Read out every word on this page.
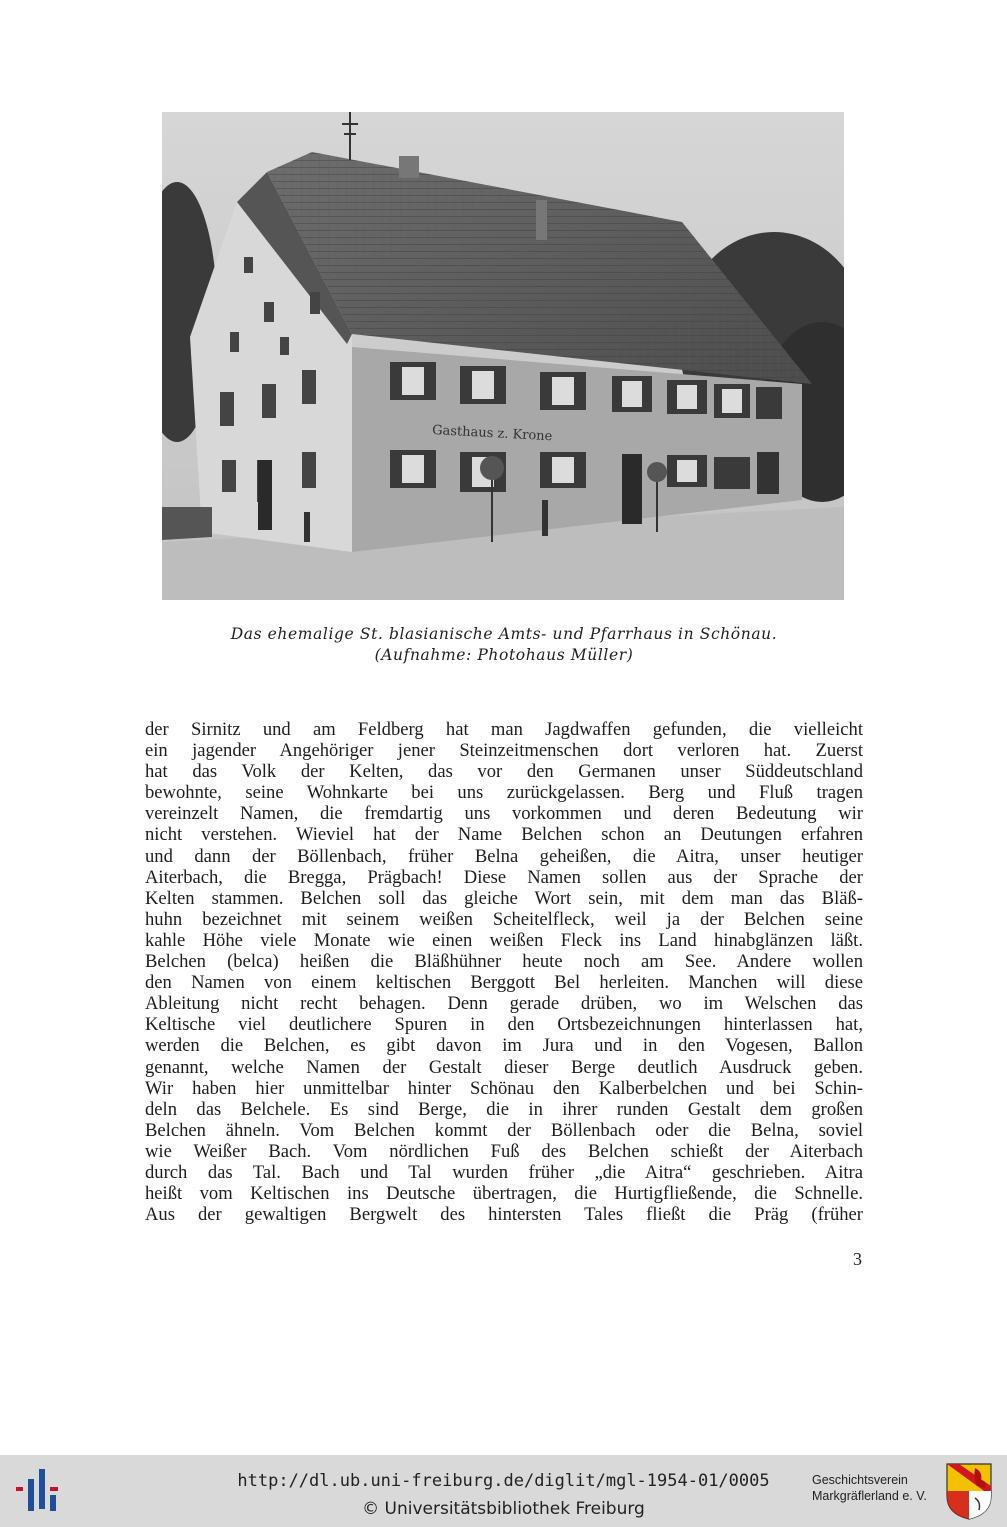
Gasthaus z. Krone
Das ehemalige St. blasianische Amts- und Pfarrhaus in Schönau.
(Aufnahme: Photohaus Müller)
der Sirnitz und am Feldberg hat man Jagdwaffen gefunden, die vielleicht
ein jagender Angehöriger jener Steinzeitmenschen dort verloren hat. Zuerst
hat das Volk der Kelten, das vor den Germanen unser Süddeutschland
bewohnte, seine Wohnkarte bei uns zurückgelassen. Berg und Fluß tragen
vereinzelt Namen, die fremdartig uns vorkommen und deren Bedeutung wir
nicht verstehen. Wieviel hat der Name Belchen schon an Deutungen erfahren
und dann der Böllenbach, früher Belna geheißen, die Aitra, unser heutiger
Aiterbach, die Bregga, Prägbach! Diese Namen sollen aus der Sprache der
Kelten stammen. Belchen soll das gleiche Wort sein, mit dem man das Bläß-
huhn bezeichnet mit seinem weißen Scheitelfleck, weil ja der Belchen seine
kahle Höhe viele Monate wie einen weißen Fleck ins Land hinabglänzen läßt.
Belchen (belca) heißen die Bläßhühner heute noch am See. Andere wollen
den Namen von einem keltischen Berggott Bel herleiten. Manchen will diese
Ableitung nicht recht behagen. Denn gerade drüben, wo im Welschen das
Keltische viel deutlichere Spuren in den Ortsbezeichnungen hinterlassen hat,
werden die Belchen, es gibt davon im Jura und in den Vogesen, Ballon
genannt, welche Namen der Gestalt dieser Berge deutlich Ausdruck geben.
Wir haben hier unmittelbar hinter Schönau den Kalberbelchen und bei Schin-
deln das Belchele. Es sind Berge, die in ihrer runden Gestalt dem großen
Belchen ähneln. Vom Belchen kommt der Böllenbach oder die Belna, soviel
wie Weißer Bach. Vom nördlichen Fuß des Belchen schießt der Aiterbach
durch das Tal. Bach und Tal wurden früher „die Aitra“ geschrieben. Aitra
heißt vom Keltischen ins Deutsche übertragen, die Hurtigfließende, die Schnelle.
Aus der gewaltigen Bergwelt des hintersten Tales fließt die Präg (früher
3
http://dl.ub.uni-freiburg.de/diglit/mgl-1954-01/0005
© Universitätsbibliothek Freiburg
Geschichtsverein
Markgräflerland e. V.
